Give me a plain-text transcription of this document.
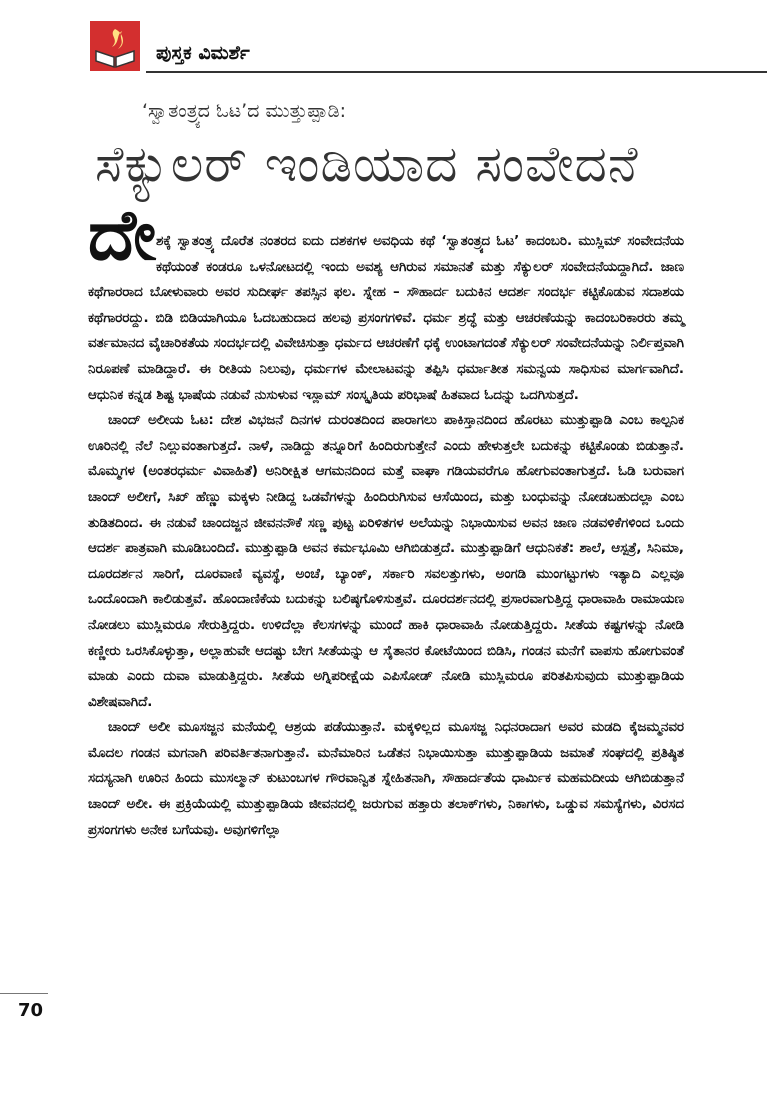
ಪುಸ್ತಕ ವಿಮರ್ಶೆ
‘ಸ್ವಾತಂತ್ರ್ಯದ ಓಟ’ದ ಮುತ್ತುಪ್ಪಾಡಿ:
ಸೆಕ್ಯುಲರ್ ಇಂಡಿಯಾದ ಸಂವೇದನೆ
ದೇ ಶಕ್ಕೆ ಸ್ವಾತಂತ್ರ್ಯ ದೊರೆತ ನಂತರದ ಐದು ದಶಕಗಳ ಅವಧಿಯ ಕಥೆ ‘ಸ್ವಾತಂತ್ರ್ಯದ ಓಟ’ ಕಾದಂಬರಿ. ಮುಸ್ಲಿಮ್ ಸಂವೇದನೆಯ ಕಥೆಯಂತೆ ಕಂಡರೂ ಒಳನೋಟದಲ್ಲಿ ಇಂದು ಅವಶ್ಯ ಆಗಿರುವ ಸಮಾನತೆ ಮತ್ತು ಸೆಕ್ಯುಲರ್ ಸಂವೇದನೆಯದ್ದಾಗಿದೆ. ಜಾಣ ಕಥೆಗಾರರಾದ ಬೋಳುವಾರು ಅವರ ಸುದೀರ್ಘ ತಪಸ್ಸಿನ ಫಲ. ಸ್ನೇಹ – ಸೌಹಾರ್ದ ಬದುಕಿನ ಆದರ್ಶ ಸಂದರ್ಭ ಕಟ್ಟಿಕೊಡುವ ಸದಾಶಯ ಕಥೆಗಾರರದ್ದು. ಬಿಡಿ ಬಿಡಿಯಾಗಿಯೂ ಓದಬಹುದಾದ ಹಲವು ಪ್ರಸಂಗಗಳಿವೆ. ಧರ್ಮ ಶ್ರದ್ಧೆ ಮತ್ತು ಆಚರಣೆಯನ್ನು ಕಾದಂಬರಿಕಾರರು ತಮ್ಮ ವರ್ತಮಾನದ ವೈಚಾರಿಕತೆಯ ಸಂದರ್ಭದಲ್ಲಿ ವಿವೇಚಿಸುತ್ತಾ ಧರ್ಮದ ಆಚರಣೆಗೆ ಧಕ್ಕೆ ಉಂಟಾಗದಂತೆ ಸೆಕ್ಯುಲರ್ ಸಂವೇದನೆಯನ್ನು ನಿರ್ಲಿಪ್ತವಾಗಿ ನಿರೂಪಣೆ ಮಾಡಿದ್ದಾರೆ. ಈ ರೀತಿಯ ನಿಲುವು, ಧರ್ಮಗಳ ಮೇಲಾಟವನ್ನು ತಪ್ಪಿಸಿ ಧರ್ಮಾತೀತ ಸಮನ್ವಯ ಸಾಧಿಸುವ ಮಾರ್ಗವಾಗಿದೆ. ಆಧುನಿಕ ಕನ್ನಡ ಶಿಷ್ಟ ಭಾಷೆಯ ನಡುವೆ ನುಸುಳುವ ಇಸ್ಲಾಮ್ ಸಂಸ್ಕೃತಿಯ ಪರಿಭಾಷೆ ಹಿತವಾದ ಓದನ್ನು ಒದಗಿಸುತ್ತದೆ.

ಚಾಂದ್ ಅಲೀಯ ಓಟ: ದೇಶ ವಿಭಜನೆ ದಿನಗಳ ದುರಂತದಿಂದ ಪಾರಾಗಲು ಪಾಕಿಸ್ತಾನದಿಂದ ಹೊರಟು ಮುತ್ತುಪ್ಪಾಡಿ ಎಂಬ ಕಾಲ್ಪನಿಕ ಊರಿನಲ್ಲಿ ನೆಲೆ ನಿಲ್ಲುವಂತಾಗುತ್ತದೆ. ನಾಳೆ, ನಾಡಿದ್ದು ತನ್ನೂರಿಗೆ ಹಿಂದಿರುಗುತ್ತೇನೆ ಎಂದು ಹೇಳುತ್ತಲೇ ಬದುಕನ್ನು ಕಟ್ಟಿಕೊಂಡು ಬಿಡುತ್ತಾನೆ. ಮೊಮ್ಮಗಳ (ಅಂತರಧರ್ಮ ವಿವಾಹಿತೆ) ಅನಿರೀಕ್ಷಿತ ಆಗಮನದಿಂದ ಮತ್ತೆ ವಾಘಾ ಗಡಿಯವರೆಗೂ ಹೋಗುವಂತಾಗುತ್ತದೆ. ಓಡಿ ಬರುವಾಗ ಚಾಂದ್ ಅಲೀಗೆ, ಸಿಖ್ ಹೆಣ್ಣು ಮಕ್ಕಳು ನೀಡಿದ್ದ ಒಡವೆಗಳನ್ನು ಹಿಂದಿರುಗಿಸುವ ಆಸೆಯಿಂದ, ಮತ್ತು ಬಂಧುವನ್ನು ನೋಡಬಹುದಲ್ಲಾ ಎಂಬ ತುಡಿತದಿಂದ. ಈ ನಡುವೆ ಚಾಂದಜ್ಜನ ಜೀವನನೌಕೆ ಸಣ್ಣ ಪುಟ್ಟ ಏರಿಳಿತಗಳ ಅಲೆಯನ್ನು ನಿಭಾಯಿಸುವ ಅವನ ಜಾಣ ನಡವಳಿಕೆಗಳಿಂದ ಒಂದು ಆದರ್ಶ ಪಾತ್ರವಾಗಿ ಮೂಡಿಬಂದಿದೆ. ಮುತ್ತುಪ್ಪಾಡಿ ಅವನ ಕರ್ಮಭೂಮಿ ಆಗಿಬಿಡುತ್ತದೆ. ಮುತ್ತುಪ್ಪಾಡಿಗೆ ಆಧುನಿಕತೆ: ಶಾಲೆ, ಆಸ್ಪತ್ರೆ, ಸಿನಿಮಾ, ದೂರದರ್ಶನ ಸಾರಿಗೆ, ದೂರವಾಣಿ ವ್ಯವಸ್ಥೆ, ಅಂಚೆ, ಬ್ಯಾಂಕ್, ಸರ್ಕಾರಿ ಸವಲತ್ತುಗಳು, ಅಂಗಡಿ ಮುಂಗಟ್ಟುಗಳು ಇತ್ಯಾದಿ ಎಲ್ಲವೂ ಒಂದೊಂದಾಗಿ ಕಾಲಿಡುತ್ತವೆ. ಹೊಂದಾಣಿಕೆಯ ಬದುಕನ್ನು ಬಲಿಷ್ಠಗೊಳಿಸುತ್ತವೆ. ದೂರದರ್ಶನದಲ್ಲಿ ಪ್ರಸಾರವಾಗುತ್ತಿದ್ದ ಧಾರಾವಾಹಿ ರಾಮಾಯಣ ನೋಡಲು ಮುಸ್ಲಿಮರೂ ಸೇರುತ್ತಿದ್ದರು. ಉಳಿದೆಲ್ಲಾ ಕೆಲಸಗಳನ್ನು ಮುಂದೆ ಹಾಕಿ ಧಾರಾವಾಹಿ ನೋಡುತ್ತಿದ್ದರು. ಸೀತೆಯ ಕಷ್ಟಗಳನ್ನು ನೋಡಿ ಕಣ್ಣೀರು ಒರಸಿಕೊಳ್ಳುತ್ತಾ, ಅಲ್ಲಾಹುವೇ ಆದಷ್ಟು ಬೇಗ ಸೀತೆಯನ್ನು ಆ ಸೈತಾನರ ಕೋಟೆಯಿಂದ ಬಿಡಿಸಿ, ಗಂಡನ ಮನೆಗೆ ವಾಪಸು ಹೋಗುವಂತೆ ಮಾಡು ಎಂದು ದುವಾ ಮಾಡುತ್ತಿದ್ದರು. ಸೀತೆಯ ಅಗ್ನಿಪರೀಕ್ಷೆಯ ಎಪಿಸೋಡ್ ನೋಡಿ ಮುಸ್ಲಿಮರೂ ಪರಿತಪಿಸುವುದು ಮುತ್ತುಪ್ಪಾಡಿಯ ವಿಶೇಷವಾಗಿದೆ.

ಚಾಂದ್ ಅಲೀ ಮೂಸಜ್ಜನ ಮನೆಯಲ್ಲಿ ಆಶ್ರಯ ಪಡೆಯುತ್ತಾನೆ. ಮಕ್ಕಳಿಲ್ಲದ ಮೂಸಜ್ಜ ನಿಧನರಾದಾಗ ಅವರ ಮಡದಿ ಕೈಜಮ್ಮನವರ ಮೊದಲ ಗಂಡನ ಮಗನಾಗಿ ಪರಿವರ್ತಿತನಾಗುತ್ತಾನೆ. ಮನೆಮಾರಿನ ಒಡೆತನ ನಿಭಾಯಿಸುತ್ತಾ ಮುತ್ತುಪ್ಪಾಡಿಯ ಜಮಾತೆ ಸಂಘದಲ್ಲಿ ಪ್ರತಿಷ್ಠಿತ ಸದಸ್ಯನಾಗಿ ಊರಿನ ಹಿಂದು ಮುಸಲ್ಮಾನ್ ಕುಟುಂಬಗಳ ಗೌರವಾನ್ವಿತ ಸ್ನೇಹಿತನಾಗಿ, ಸೌಹಾರ್ದತೆಯ ಧಾರ್ಮಿಕ ಮಹಮದೀಯ ಆಗಿಬಿಡುತ್ತಾನೆ ಚಾಂದ್ ಅಲೀ. ಈ ಪ್ರಕ್ರಿಯೆಯಲ್ಲಿ ಮುತ್ತುಪ್ಪಾಡಿಯ ಜೀವನದಲ್ಲಿ ಜರುಗುವ ಹತ್ತಾರು ತಲಾಕ್‌ಗಳು, ನಿಕಾಗಳು, ಒಡ್ಡುವ ಸಮಸ್ಯೆಗಳು, ವಿರಸದ ಪ್ರಸಂಗಗಳು ಅನೇಕ ಬಗೆಯವು. ಅವುಗಳಿಗೆಲ್ಲಾ

70
